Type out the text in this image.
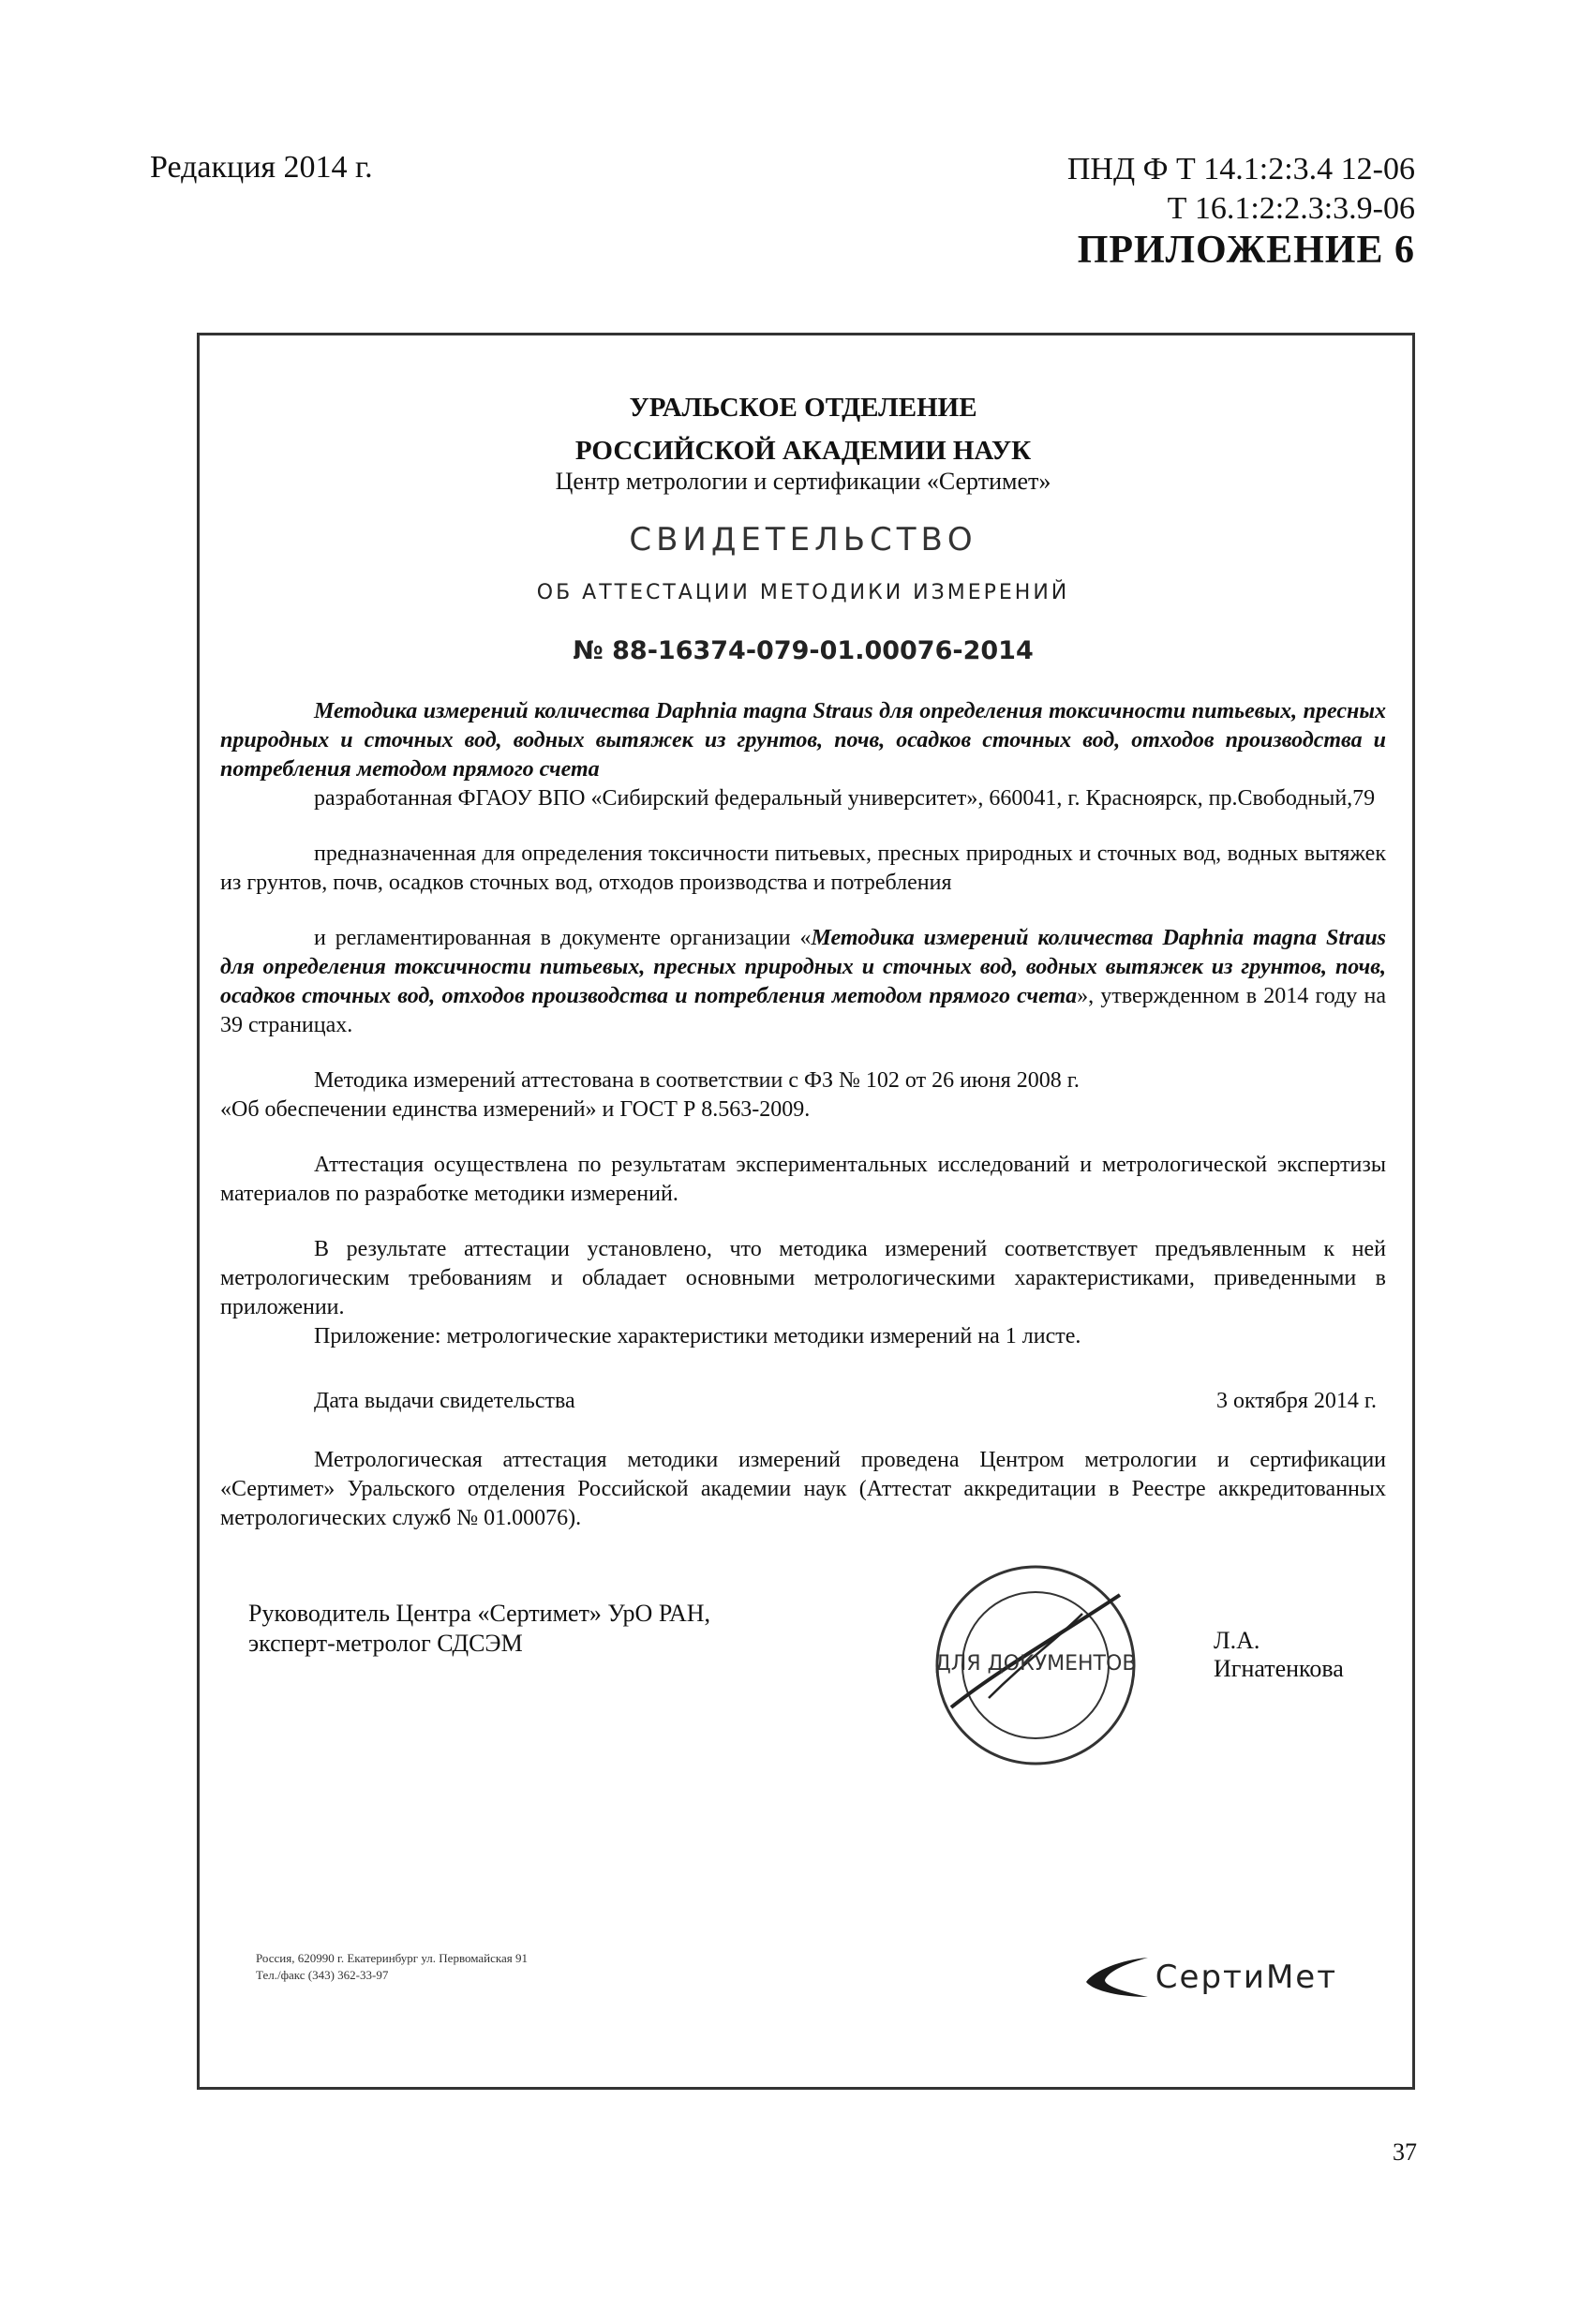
Редакция 2014 г.	ПНД Ф Т 14.1:2:3.4 12-06
Т 16.1:2:2.3:3.9-06
ПРИЛОЖЕНИЕ 6
УРАЛЬСКОЕ ОТДЕЛЕНИЕ
РОССИЙСКОЙ АКАДЕМИИ НАУК
Центр метрологии и сертификации «Сертимет»
СВИДЕТЕЛЬСТВО
ОБ АТТЕСТАЦИИ МЕТОДИКИ ИЗМЕРЕНИЙ
№ 88-16374-079-01.00076-2014

Методика измерений количества Daphnia magna Straus для определения токсичности питьевых, пресных природных и сточных вод, водных вытяжек из грунтов, почв, осадков сточных вод, отходов производства и потребления методом прямого счета

разработанная ФГАОУ ВПО «Сибирский федеральный университет», 660041, г. Красноярск, пр.Свободный,79

предназначенная для определения токсичности питьевых, пресных природных и сточных вод, водных вытяжек из грунтов, почв, осадков сточных вод, отходов производства и потребления

и регламентированная в документе организации «Методика измерений количества Daphnia magna Straus для определения токсичности питьевых, пресных природных и сточных вод, водных вытяжек из грунтов, почв, осадков сточных вод, отходов производства и потребления методом прямого счета», утвержденном в 2014 году на 39 страницах.

Методика измерений аттестована в соответствии с ФЗ № 102 от 26 июня 2008 г.

«Об обеспечении единства измерений» и ГОСТ Р 8.563-2009.

Аттестация осуществлена по результатам экспериментальных исследований и метрологической экспертизы материалов по разработке методики измерений.

В результате аттестации установлено, что методика измерений соответствует предъявленным к ней метрологическим требованиям и обладает основными метрологическими характеристиками, приведенными в приложении.

Приложение: метрологические характеристики методики измерений на 1 листе.

Дата выдачи свидетельства	3 октября 2014 г.

Метрологическая аттестация методики измерений проведена Центром метрологии и сертификации «Сертимет» Уральского отделения Российской академии наук (Аттестат аккредитации в Реестре аккредитованных метрологических служб № 01.00076).

Руководитель Центра «Сертимет» УрО РАН,
эксперт-метролог СДСЭМ
ДЛЯ ДОКУМЕНТОВ
Л.А. Игнатенкова
Россия, 620990 г. Екатеринбург ул. Первомайская 91
Тел./факс (343) 362-33-97	СертиМет
37
